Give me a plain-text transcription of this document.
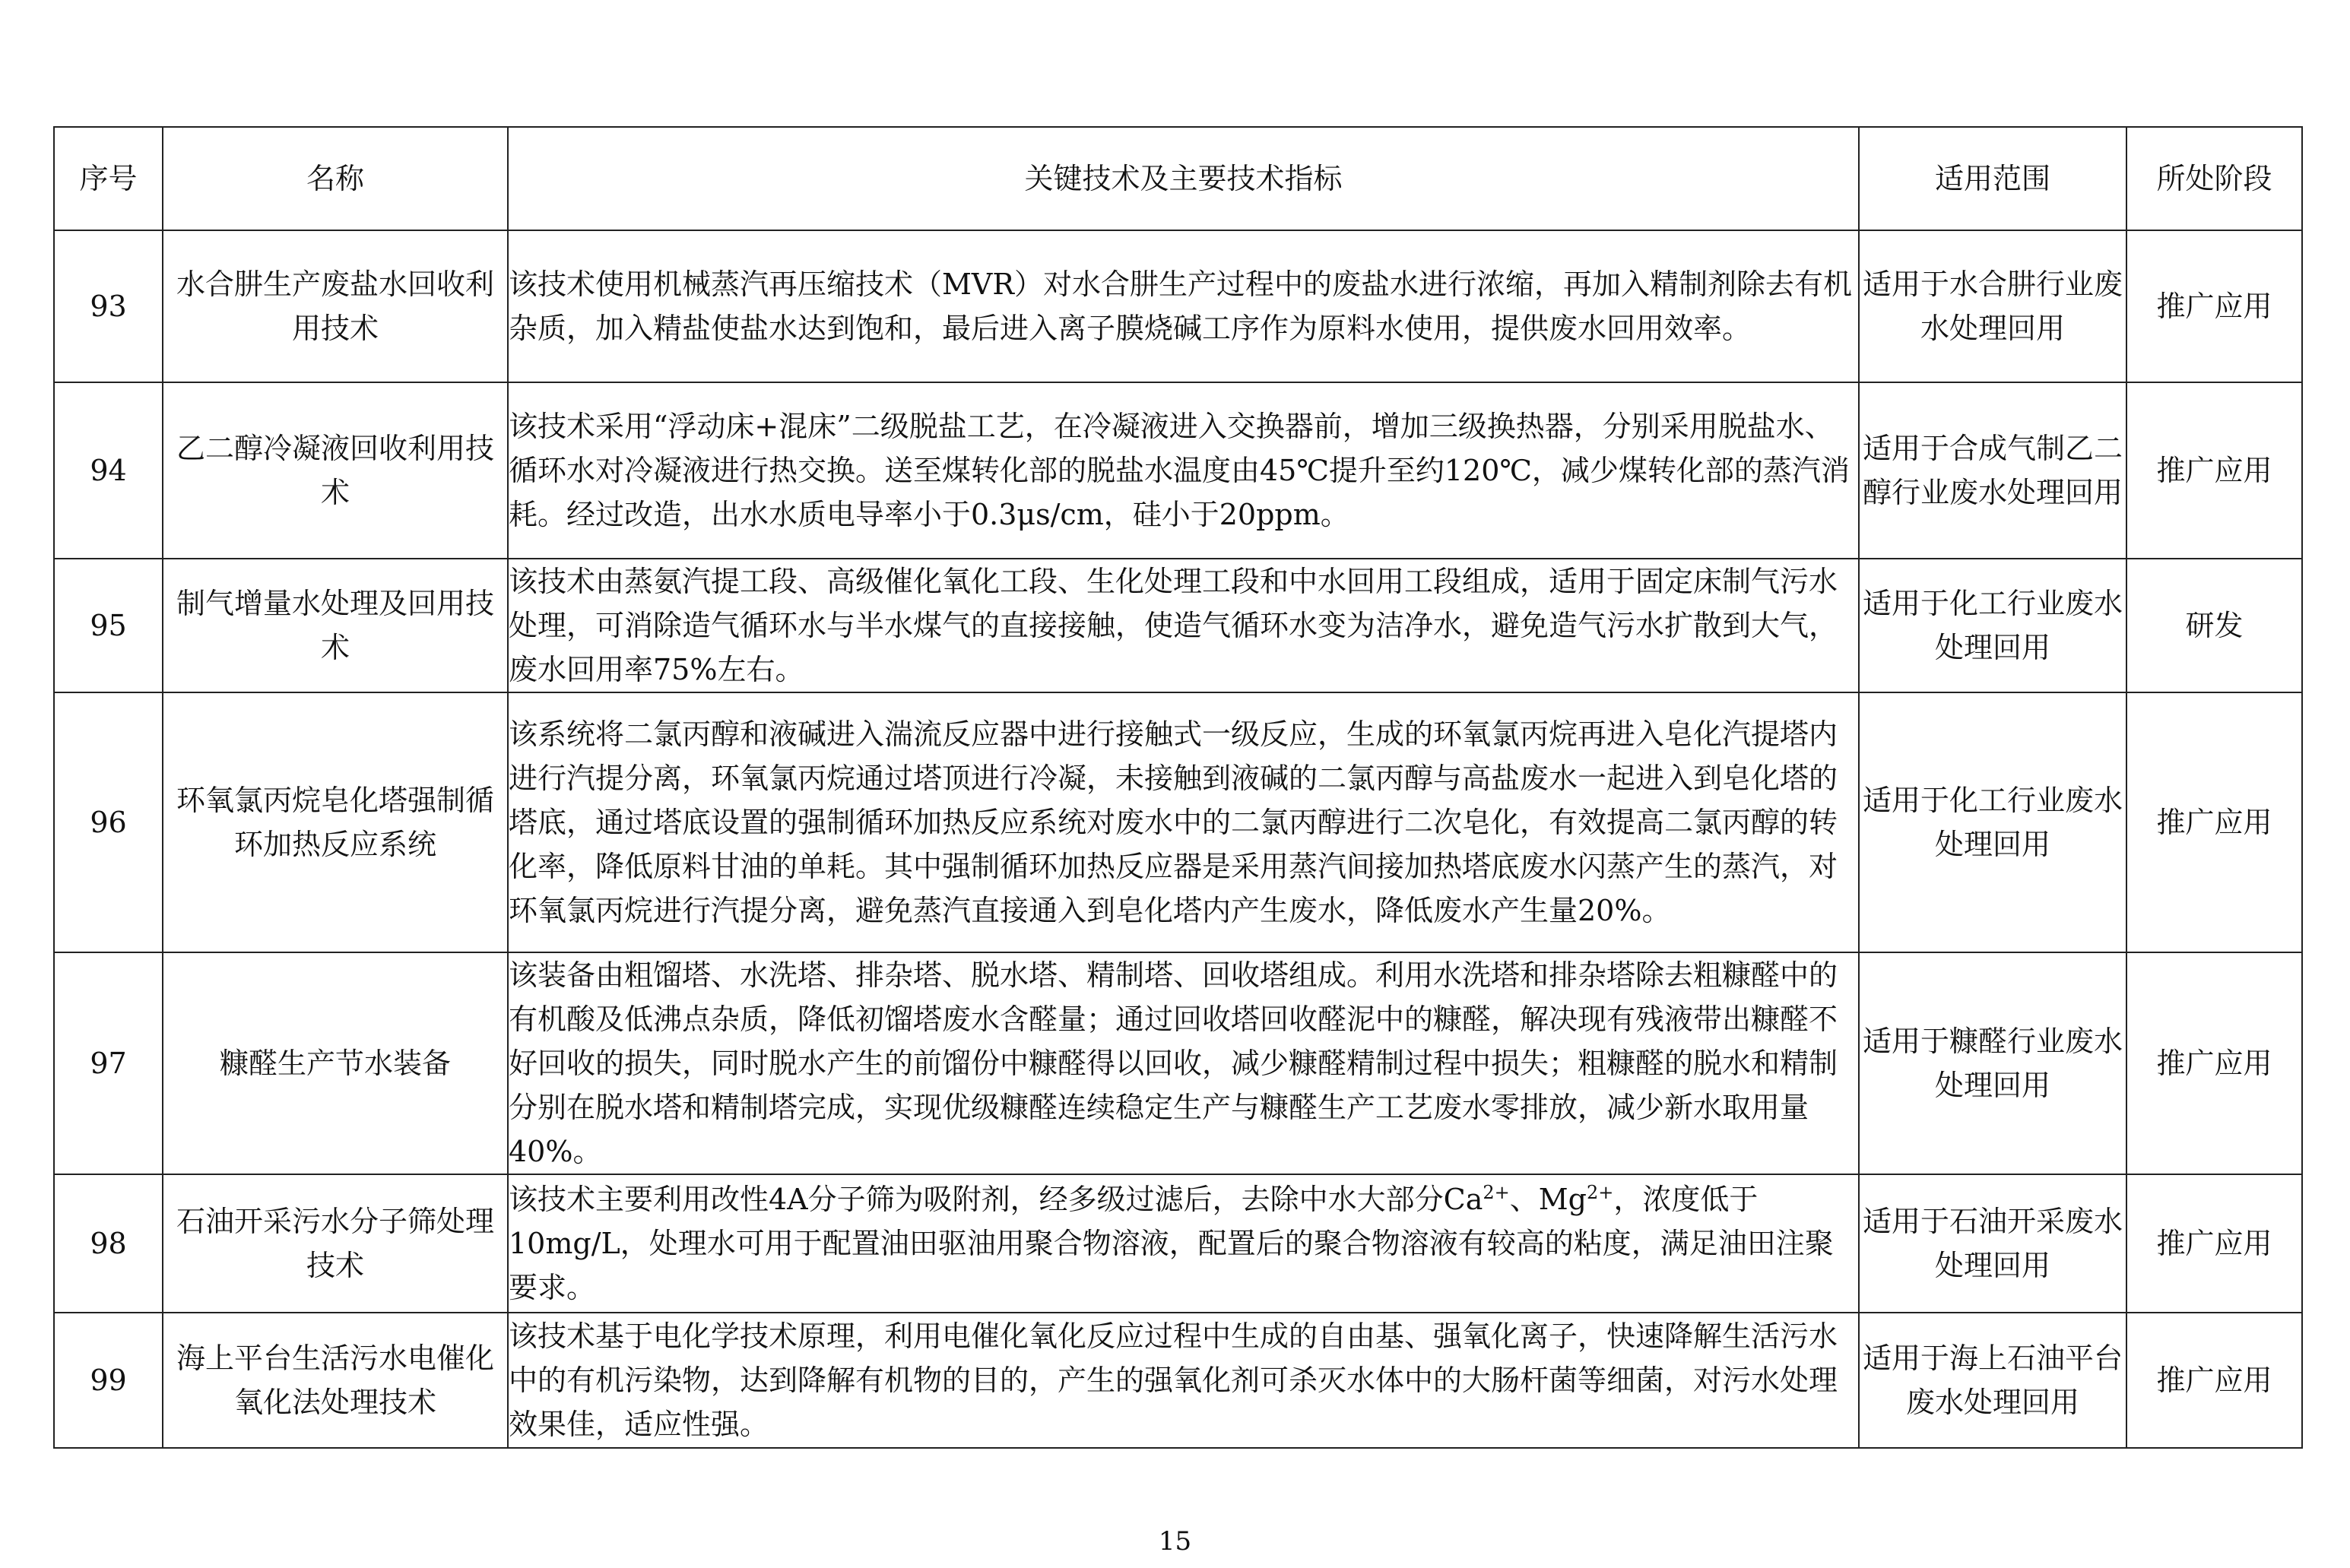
序号	名称	关键技术及主要技术指标	适用范围	所处阶段
93	水合肼生产废盐水回收利用技术	该技术使用机械蒸汽再压缩技术（MVR）对水合肼生产过程中的废盐水进行浓缩，再加入精制剂除去有机杂质，加入精盐使盐水达到饱和，最后进入离子膜烧碱工序作为原料水使用，提供废水回用效率。	适用于水合肼行业废水处理回用	推广应用
94	乙二醇冷凝液回收利用技术	该技术采用“浮动床+混床”二级脱盐工艺，在冷凝液进入交换器前，增加三级换热器，分别采用脱盐水、循环水对冷凝液进行热交换。送至煤转化部的脱盐水温度由45℃提升至约120℃，减少煤转化部的蒸汽消耗。经过改造，出水水质电导率小于0.3μs/cm，硅小于20ppm。	适用于合成气制乙二醇行业废水处理回用	推广应用
95	制气增量水处理及回用技术	该技术由蒸氨汽提工段、高级催化氧化工段、生化处理工段和中水回用工段组成，适用于固定床制气污水处理，可消除造气循环水与半水煤气的直接接触，使造气循环水变为洁净水，避免造气污水扩散到大气，废水回用率75%左右。	适用于化工行业废水处理回用	研发
96	环氧氯丙烷皂化塔强制循环加热反应系统	该系统将二氯丙醇和液碱进入湍流反应器中进行接触式一级反应，生成的环氧氯丙烷再进入皂化汽提塔内进行汽提分离，环氧氯丙烷通过塔顶进行冷凝，未接触到液碱的二氯丙醇与高盐废水一起进入到皂化塔的塔底，通过塔底设置的强制循环加热反应系统对废水中的二氯丙醇进行二次皂化，有效提高二氯丙醇的转化率，降低原料甘油的单耗。其中强制循环加热反应器是采用蒸汽间接加热塔底废水闪蒸产生的蒸汽，对环氧氯丙烷进行汽提分离，避免蒸汽直接通入到皂化塔内产生废水，降低废水产生量20%。	适用于化工行业废水处理回用	推广应用
97	糠醛生产节水装备	该装备由粗馏塔、水洗塔、排杂塔、脱水塔、精制塔、回收塔组成。利用水洗塔和排杂塔除去粗糠醛中的有机酸及低沸点杂质，降低初馏塔废水含醛量；通过回收塔回收醛泥中的糠醛，解决现有残液带出糠醛不好回收的损失，同时脱水产生的前馏份中糠醛得以回收，减少糠醛精制过程中损失；粗糠醛的脱水和精制分别在脱水塔和精制塔完成，实现优级糠醛连续稳定生产与糠醛生产工艺废水零排放，减少新水取用量40%。	适用于糠醛行业废水处理回用	推广应用
98	石油开采污水分子筛处理技术	该技术主要利用改性4A分子筛为吸附剂，经多级过滤后，去除中水大部分$Ca^{2+}$、$Mg^{2+}$，浓度低于10mg/L，处理水可用于配置油田驱油用聚合物溶液，配置后的聚合物溶液有较高的粘度，满足油田注聚要求。	适用于石油开采废水处理回用	推广应用
99	海上平台生活污水电催化氧化法处理技术	该技术基于电化学技术原理，利用电催化氧化反应过程中生成的自由基、强氧化离子，快速降解生活污水中的有机污染物，达到降解有机物的目的，产生的强氧化剂可杀灭水体中的大肠杆菌等细菌，对污水处理效果佳，适应性强。	适用于海上石油平台废水处理回用	推广应用
15
